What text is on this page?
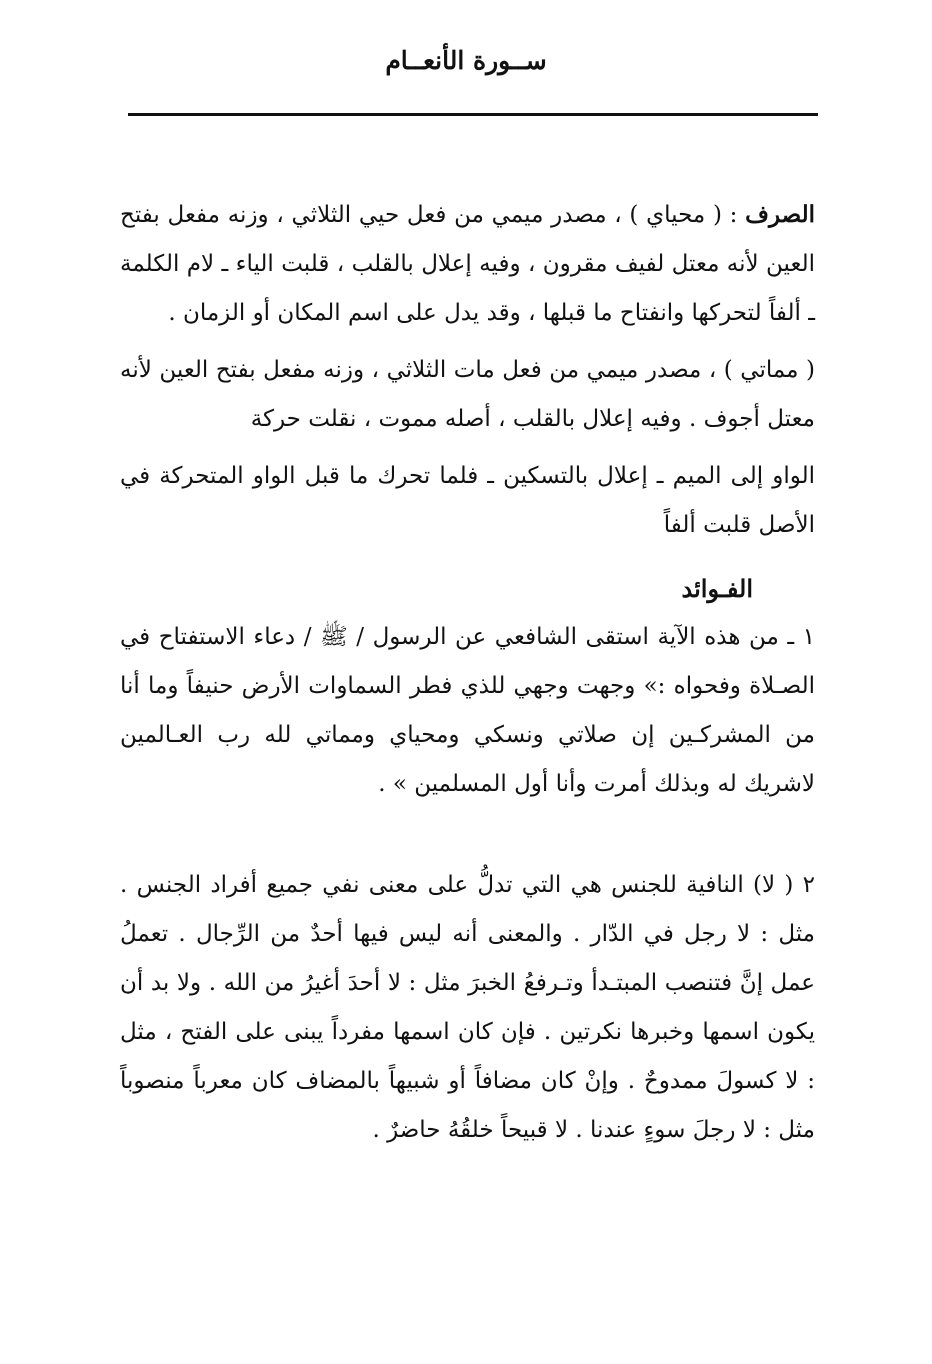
ســورة الأنعــام

الصرف : ( محياي ) ، مصدر ميمي من فعل حيي الثلاثي ، وزنه مفعل بفتح العين لأنه معتل لفيف مقرون ، وفيه إعلال بالقلب ، قلبت الياء ـ لام الكلمة ـ ألفاً لتحركها وانفتاح ما قبلها ، وقد يدل على اسم المكان أو الزمان .

( مماتي ) ، مصدر ميمي من فعل مات الثلاثي ، وزنه مفعل بفتح العين لأنه معتل أجوف . وفيه إعلال بالقلب ، أصله مموت ، نقلت حركة

الواو إلى الميم ـ إعلال بالتسكين ـ فلما تحرك ما قبل الواو المتحركة في الأصل قلبت ألفاً

الفـوائد

١ ـ من هذه الآية استقى الشافعي عن الرسول / ﷺ / دعاء الاستفتاح في الصـلاة وفحواه :» وجهت وجهي للذي فطر السماوات الأرض حنيفاً وما أنا من المشركـين إن صلاتي ونسكي ومحياي ومماتي لله رب العـالمين لاشريك له وبذلك أمرت وأنا أول المسلمين » .

٢ ( لا) النافية للجنس هي التي تدلُّ على معنى نفي جميع أفراد الجنس . مثل : لا رجل في الدّار . والمعنى أنه ليس فيها أحدٌ من الرِّجال . تعملُ عمل إنَّ فتنصب المبتـدأ وتـرفعُ الخبرَ مثل : لا أحدَ أغيرُ من الله . ولا بد أن يكون اسمها وخبرها نكرتين . فإن كان اسمها مفرداً يبنى على الفتح ، مثل : لا كسولَ ممدوحٌ . وإنْ كان مضافاً أو شبيهاً بالمضاف كان معرباً منصوباً مثل : لا رجلَ سوءٍ عندنا . لا قبيحاً خلقُهُ حاضرٌ .
